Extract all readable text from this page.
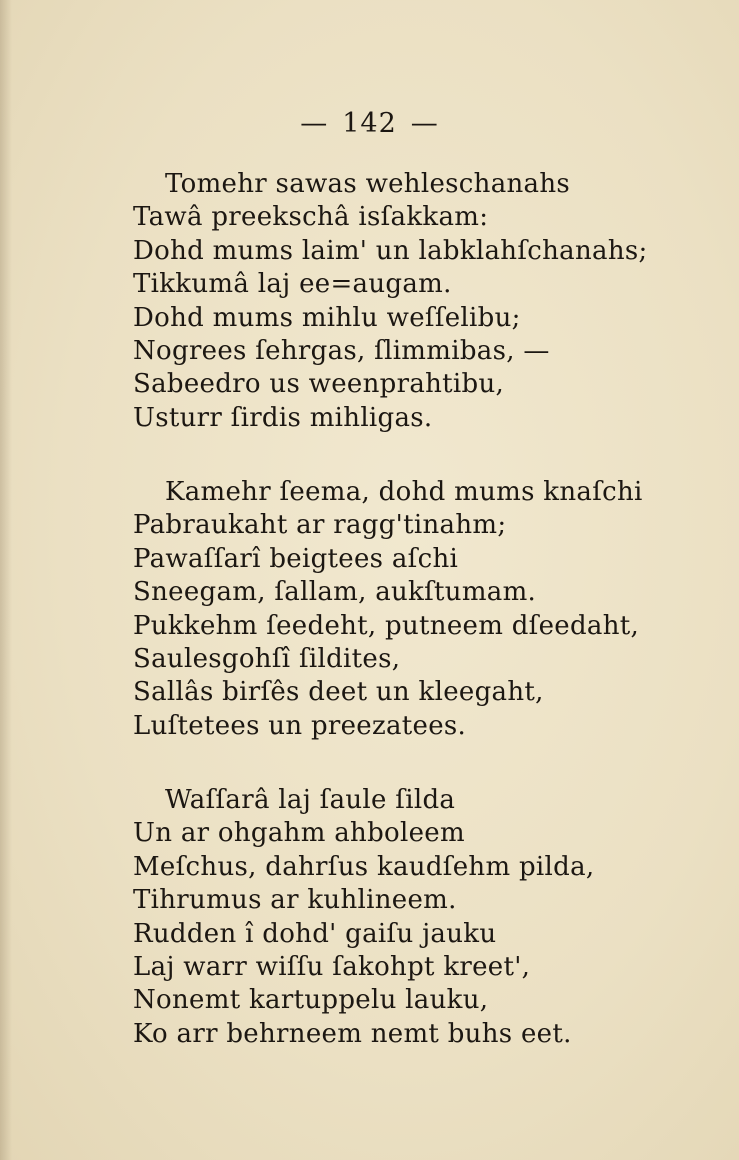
— 142 —
Tomehr sawas wehleschanahs
Tawâ preekschâ isſakkam:
Dohd mums laim' un labklahſchanahs;
Tikkumâ laj ee=augam.
Dohd mums mihlu weſſelibu;
Nogrees ſehrgas, ſlimmibas, —
Sabeedro us weenprahtibu,
Usturr ſirdis mihligas.
Kamehr ſeema, dohd mums knaſchi
Pabraukaht ar ragg'tinahm;
Pawaſſarî beigtees aſchi
Sneegam, ſallam, aukſtumam.
Pukkehm ſeedeht, putneem dſeedaht,
Saulesgohſî ſildites,
Sallâs birſês deet un kleegaht,
Luſtetees un preezatees.
Waſſarâ laj ſaule ſilda
Un ar ohgahm ahboleem
Meſchus, dahrſus kaudſehm pilda,
Tihrumus ar kuhlineem.
Rudden î dohd' gaiſu jauku
Laj warr wiſſu ſakohpt kreet',
Nonemt kartuppelu lauku,
Ko arr behrneem nemt buhs eet.
